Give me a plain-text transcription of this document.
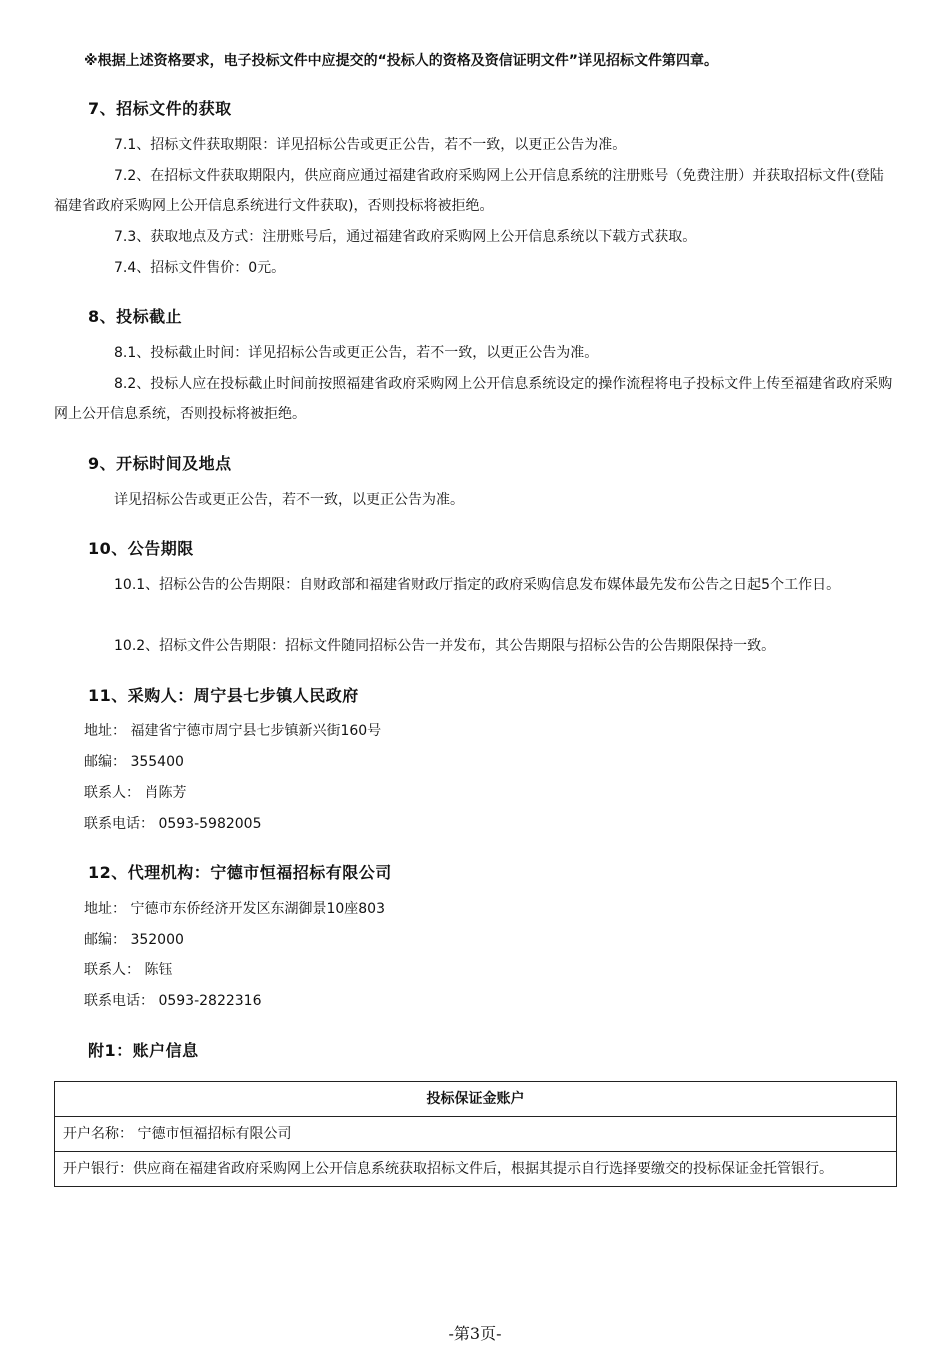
※根据上述资格要求，电子投标文件中应提交的“投标人的资格及资信证明文件”详见招标文件第四章。
7、招标文件的获取
7.1、招标文件获取期限：详见招标公告或更正公告，若不一致，以更正公告为准。
7.2、在招标文件获取期限内，供应商应通过福建省政府采购网上公开信息系统的注册账号（免费注册）并获取招标文件(登陆福建省政府采购网上公开信息系统进行文件获取)，否则投标将被拒绝。
7.3、获取地点及方式：注册账号后，通过福建省政府采购网上公开信息系统以下载方式获取。
7.4、招标文件售价：0元。
8、投标截止
8.1、投标截止时间：详见招标公告或更正公告，若不一致，以更正公告为准。
8.2、投标人应在投标截止时间前按照福建省政府采购网上公开信息系统设定的操作流程将电子投标文件上传至福建省政府采购网上公开信息系统，否则投标将被拒绝。
9、开标时间及地点
详见招标公告或更正公告，若不一致，以更正公告为准。
10、公告期限
10.1、招标公告的公告期限：自财政部和福建省财政厅指定的政府采购信息发布媒体最先发布公告之日起5个工作日。
10.2、招标文件公告期限：招标文件随同招标公告一并发布，其公告期限与招标公告的公告期限保持一致。
11、采购人：周宁县七步镇人民政府
地址： 福建省宁德市周宁县七步镇新兴街160号
邮编： 355400
联系人： 肖陈芳
联系电话： 0593-5982005
12、代理机构：宁德市恒福招标有限公司
地址： 宁德市东侨经济开发区东湖御景10座803
邮编： 352000
联系人： 陈钰
联系电话： 0593-2822316
附1：账户信息
投标保证金账户
开户名称： 宁德市恒福招标有限公司
开户银行：供应商在福建省政府采购网上公开信息系统获取招标文件后，根据其提示自行选择要缴交的投标保证金托管银行。
-第3页-
